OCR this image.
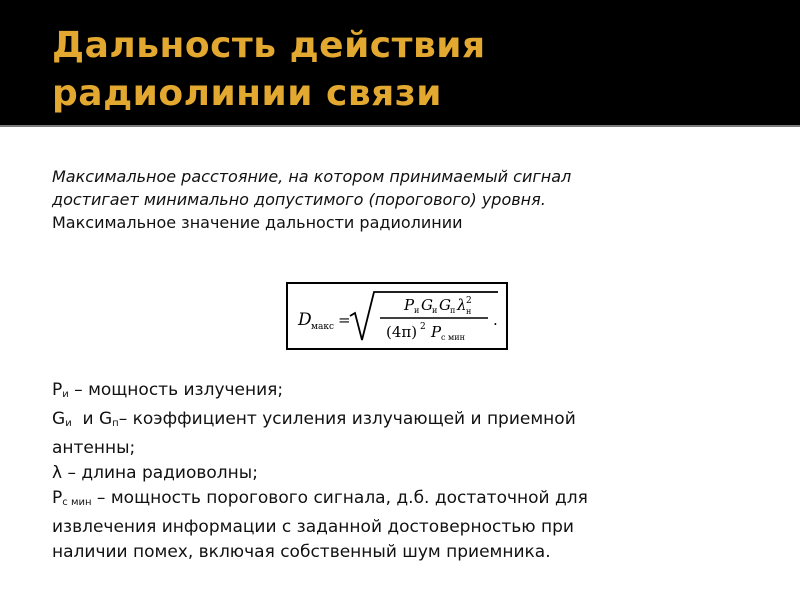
Дальность действия
радиолинии связи
Максимальное расстояние, на котором принимаемый сигнал
достигает минимально допустимого (порогового) уровня.
Максимальное значение дальности радиолинии
D макс =
P и G и G п λ 2
н
(4π) 2 P с мин
.
$P_и$ – мощность излучения;
$G_и$  и $G_п-$ коэффициент усиления излучающей и приемной
антенны;
λ – длина радиоволны;
$P_{с мин}$ – мощность порогового сигнала, д.б. достаточной для
извлечения информации с заданной достоверностью при
наличии помех, включая собственный шум приемника.
